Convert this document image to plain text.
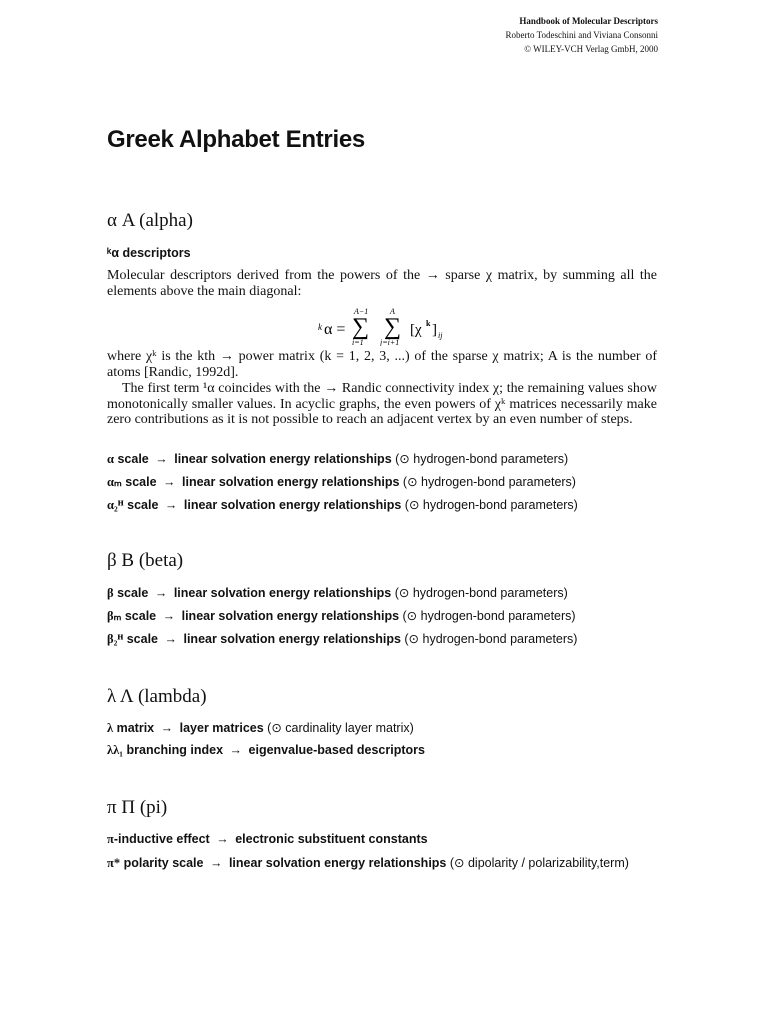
Handbook of Molecular Descriptors
Roberto Todeschini and Viviana Consonni
© WILEY-VCH Verlag GmbH, 2000
Greek Alphabet Entries
α A (alpha)
ᵏα descriptors
Molecular descriptors derived from the powers of the → sparse χ matrix, by summing all the elements above the main diagonal:
k α = ∑ ∑
A−1	A
i=1 j=i+1
[χ k ] ij
where χᵏ is the kth → power matrix (k = 1, 2, 3, ...) of the sparse χ matrix; A is the number of atoms [Randic, 1992d].
The first term ¹α coincides with the → Randic connectivity index χ; the remaining values show monotonically smaller values. In acyclic graphs, the even powers of χᵏ matrices necessarily make zero contributions as it is not possible to reach an adjacent vertex by an even number of steps.
α scale → linear solvation energy relationships (⊙ hydrogen-bond parameters)
αₘ scale → linear solvation energy relationships (⊙ hydrogen-bond parameters)
α₂ᴴ scale → linear solvation energy relationships (⊙ hydrogen-bond parameters)
β B (beta)
β scale → linear solvation energy relationships (⊙ hydrogen-bond parameters)
βₘ scale → linear solvation energy relationships (⊙ hydrogen-bond parameters)
β₂ᴴ scale → linear solvation energy relationships (⊙ hydrogen-bond parameters)
λ Λ (lambda)
λ matrix → layer matrices (⊙ cardinality layer matrix)
λλ₁ branching index → eigenvalue-based descriptors
π Π (pi)
π-inductive effect → electronic substituent constants
π* polarity scale → linear solvation energy relationships (⊙ dipolarity / polarizability,term)
